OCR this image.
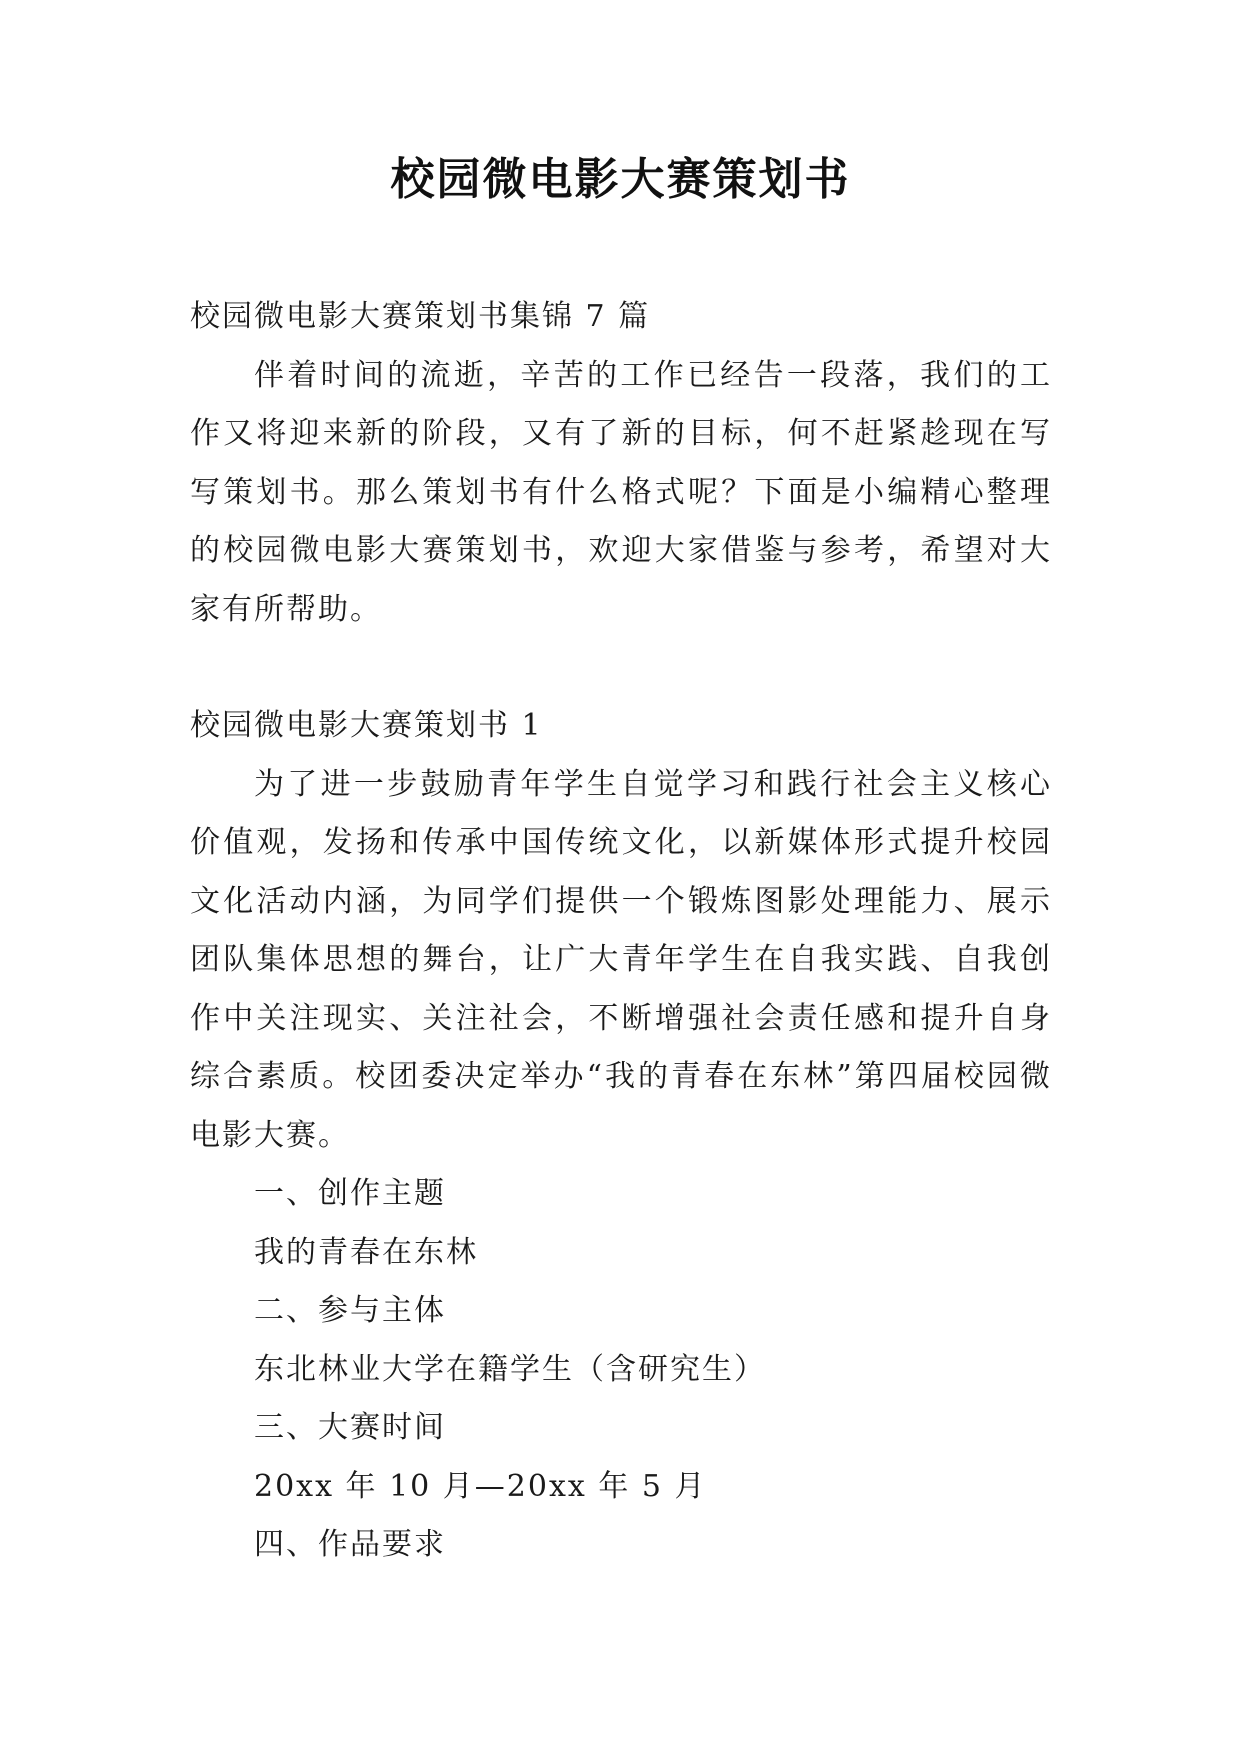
校园微电影大赛策划书

校园微电影大赛策划书集锦 7 篇

伴着时间的流逝，辛苦的工作已经告一段落，我们的工作又将迎来新的阶段，又有了新的目标，何不赶紧趁现在写写策划书。那么策划书有什么格式呢？下面是小编精心整理的校园微电影大赛策划书，欢迎大家借鉴与参考，希望对大家有所帮助。

校园微电影大赛策划书 1

为了进一步鼓励青年学生自觉学习和践行社会主义核心价值观，发扬和传承中国传统文化，以新媒体形式提升校园文化活动内涵，为同学们提供一个锻炼图影处理能力、展示团队集体思想的舞台，让广大青年学生在自我实践、自我创作中关注现实、关注社会，不断增强社会责任感和提升自身综合素质。校团委决定举办“我的青春在东林”第四届校园微电影大赛。

一、创作主题

我的青春在东林

二、参与主体

东北林业大学在籍学生（含研究生）

三、大赛时间

20xx 年 10 月—20xx 年 5 月

四、作品要求
